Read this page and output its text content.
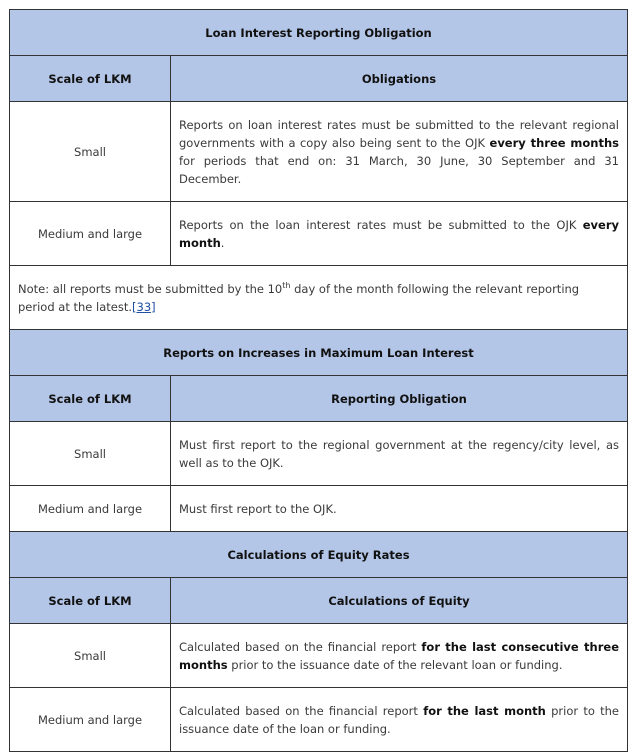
Loan Interest Reporting Obligation	
Scale of LKM	Obligations
Small	Reports on loan interest rates must be submitted to the relevant regional governments with a copy also being sent to the OJK every three months for periods that end on: 31 March, 30 June, 30 September and 31 December.
Medium and large	Reports on the loan interest rates must be submitted to the OJK every month.
Note: all reports must be submitted by the 10th day of the month following the relevant reporting period at the latest.[33]	
Reports on Increases in Maximum Loan Interest	
Scale of LKM	Reporting Obligation
Small	Must first report to the regional government at the regency/city level, as well as to the OJK.
Medium and large	Must first report to the OJK.
Calculations of Equity Rates	
Scale of LKM	Calculations of Equity
Small	Calculated based on the financial report for the last consecutive three months prior to the issuance date of the relevant loan or funding.
Medium and large	Calculated based on the financial report for the last month prior to the issuance date of the loan or funding.
